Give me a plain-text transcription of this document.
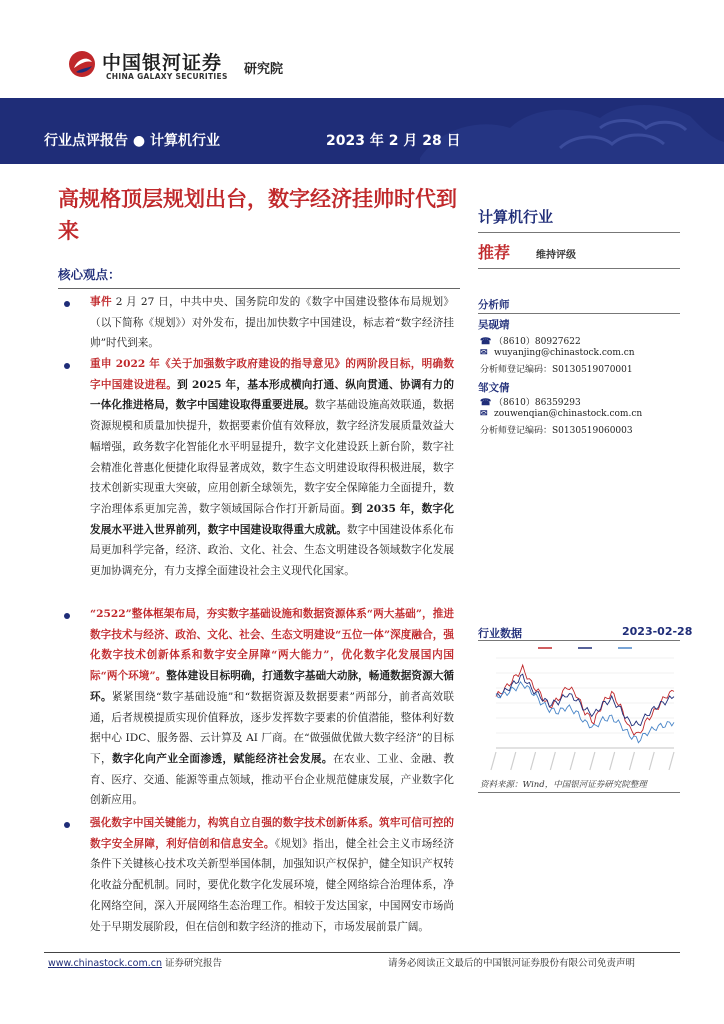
中国银河证券
CHINA GALAXY SECURITIES 研究院
行业点评报告 ● 计算机行业	2023 年 2 月 28 日
高规格顶层规划出台，数字经济挂帅时代到来
核心观点：
事件 2 月 27 日，中共中央、国务院印发的《数字中国建设整体布局规划》（以下简称《规划》）对外发布，提出加快数字中国建设，标志着“数字经济挂帅”时代到来。
重申 2022 年《关于加强数字政府建设的指导意见》的两阶段目标，明确数字中国建设进程。到 2025 年，基本形成横向打通、纵向贯通、协调有力的一体化推进格局，数字中国建设取得重要进展。数字基础设施高效联通，数据资源规模和质量加快提升，数据要素价值有效释放，数字经济发展质量效益大幅增强，政务数字化智能化水平明显提升，数字文化建设跃上新台阶，数字社会精准化普惠化便捷化取得显著成效，数字生态文明建设取得积极进展，数字技术创新实现重大突破，应用创新全球领先，数字安全保障能力全面提升，数字治理体系更加完善，数字领域国际合作打开新局面。到 2035 年，数字化发展水平进入世界前列，数字中国建设取得重大成就。数字中国建设体系化布局更加科学完备，经济、政治、文化、社会、生态文明建设各领域数字化发展更加协调充分，有力支撑全面建设社会主义现代化国家。
“2522”整体框架布局，夯实数字基础设施和数据资源体系“两大基础”，推进数字技术与经济、政治、文化、社会、生态文明建设“五位一体”深度融合，强化数字技术创新体系和数字安全屏障“两大能力”，优化数字化发展国内国际“两个环境”。整体建设目标明确，打通数字基础大动脉，畅通数据资源大循环。紧紧围绕“数字基础设施”和“数据资源及数据要素”两部分，前者高效联通，后者规模提质实现价值释放，逐步发挥数字要素的价值潜能，整体利好数据中心 IDC、服务器、云计算及 AI 厂商。在“做强做优做大数字经济”的目标下，数字化向产业全面渗透，赋能经济社会发展。在农业、工业、金融、教育、医疗、交通、能源等重点领域，推动平台企业规范健康发展，产业数字化创新应用。
强化数字中国关键能力，构筑自立自强的数字技术创新体系。筑牢可信可控的数字安全屏障，利好信创和信息安全。《规划》指出，健全社会主义市场经济条件下关键核心技术攻关新型举国体制，加强知识产权保护，健全知识产权转化收益分配机制。同时，要优化数字化发展环境，健全网络综合治理体系，净化网络空间，深入开展网络生态治理工作。相较于发达国家，中国网安市场尚处于早期发展阶段，但在信创和数字经济的推动下，市场发展前景广阔。
计算机行业
推荐	维持评级
分析师
吴砚靖
☎ （8610）80927622
✉ wuyanjing@chinastock.com.cn
分析师登记编码：S0130519070001
邹文倩
☎ （8610）86359293
✉ zouwenqian@chinastock.com.cn
分析师登记编码：S0130519060003
行业数据	2023-02-28
资料来源：Wind，中国银河证券研究院整理
www.chinastock.com.cn 证券研究报告	请务必阅读正文最后的中国银河证券股份有限公司免责声明
